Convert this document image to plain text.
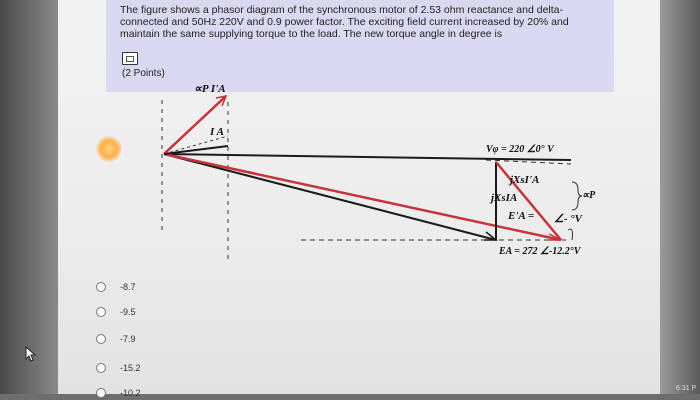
The figure shows a phasor diagram of the synchronous motor of 2.53 ohm reactance and delta-connected and 50Hz 220V and 0.9 power factor. The exciting field current increased by 20% and maintain the same supplying torque to the load. The new torque angle in degree is
(2 Points)
∝P I'A
I A
Vφ = 220 ∠0° V
jXsI'A
jXsIA
E'A = ∠- °V
∝P
EA = 272 ∠-12.2°V
-8.7
-9.5
-7.9
-15.2
-10.2	6:31 P
